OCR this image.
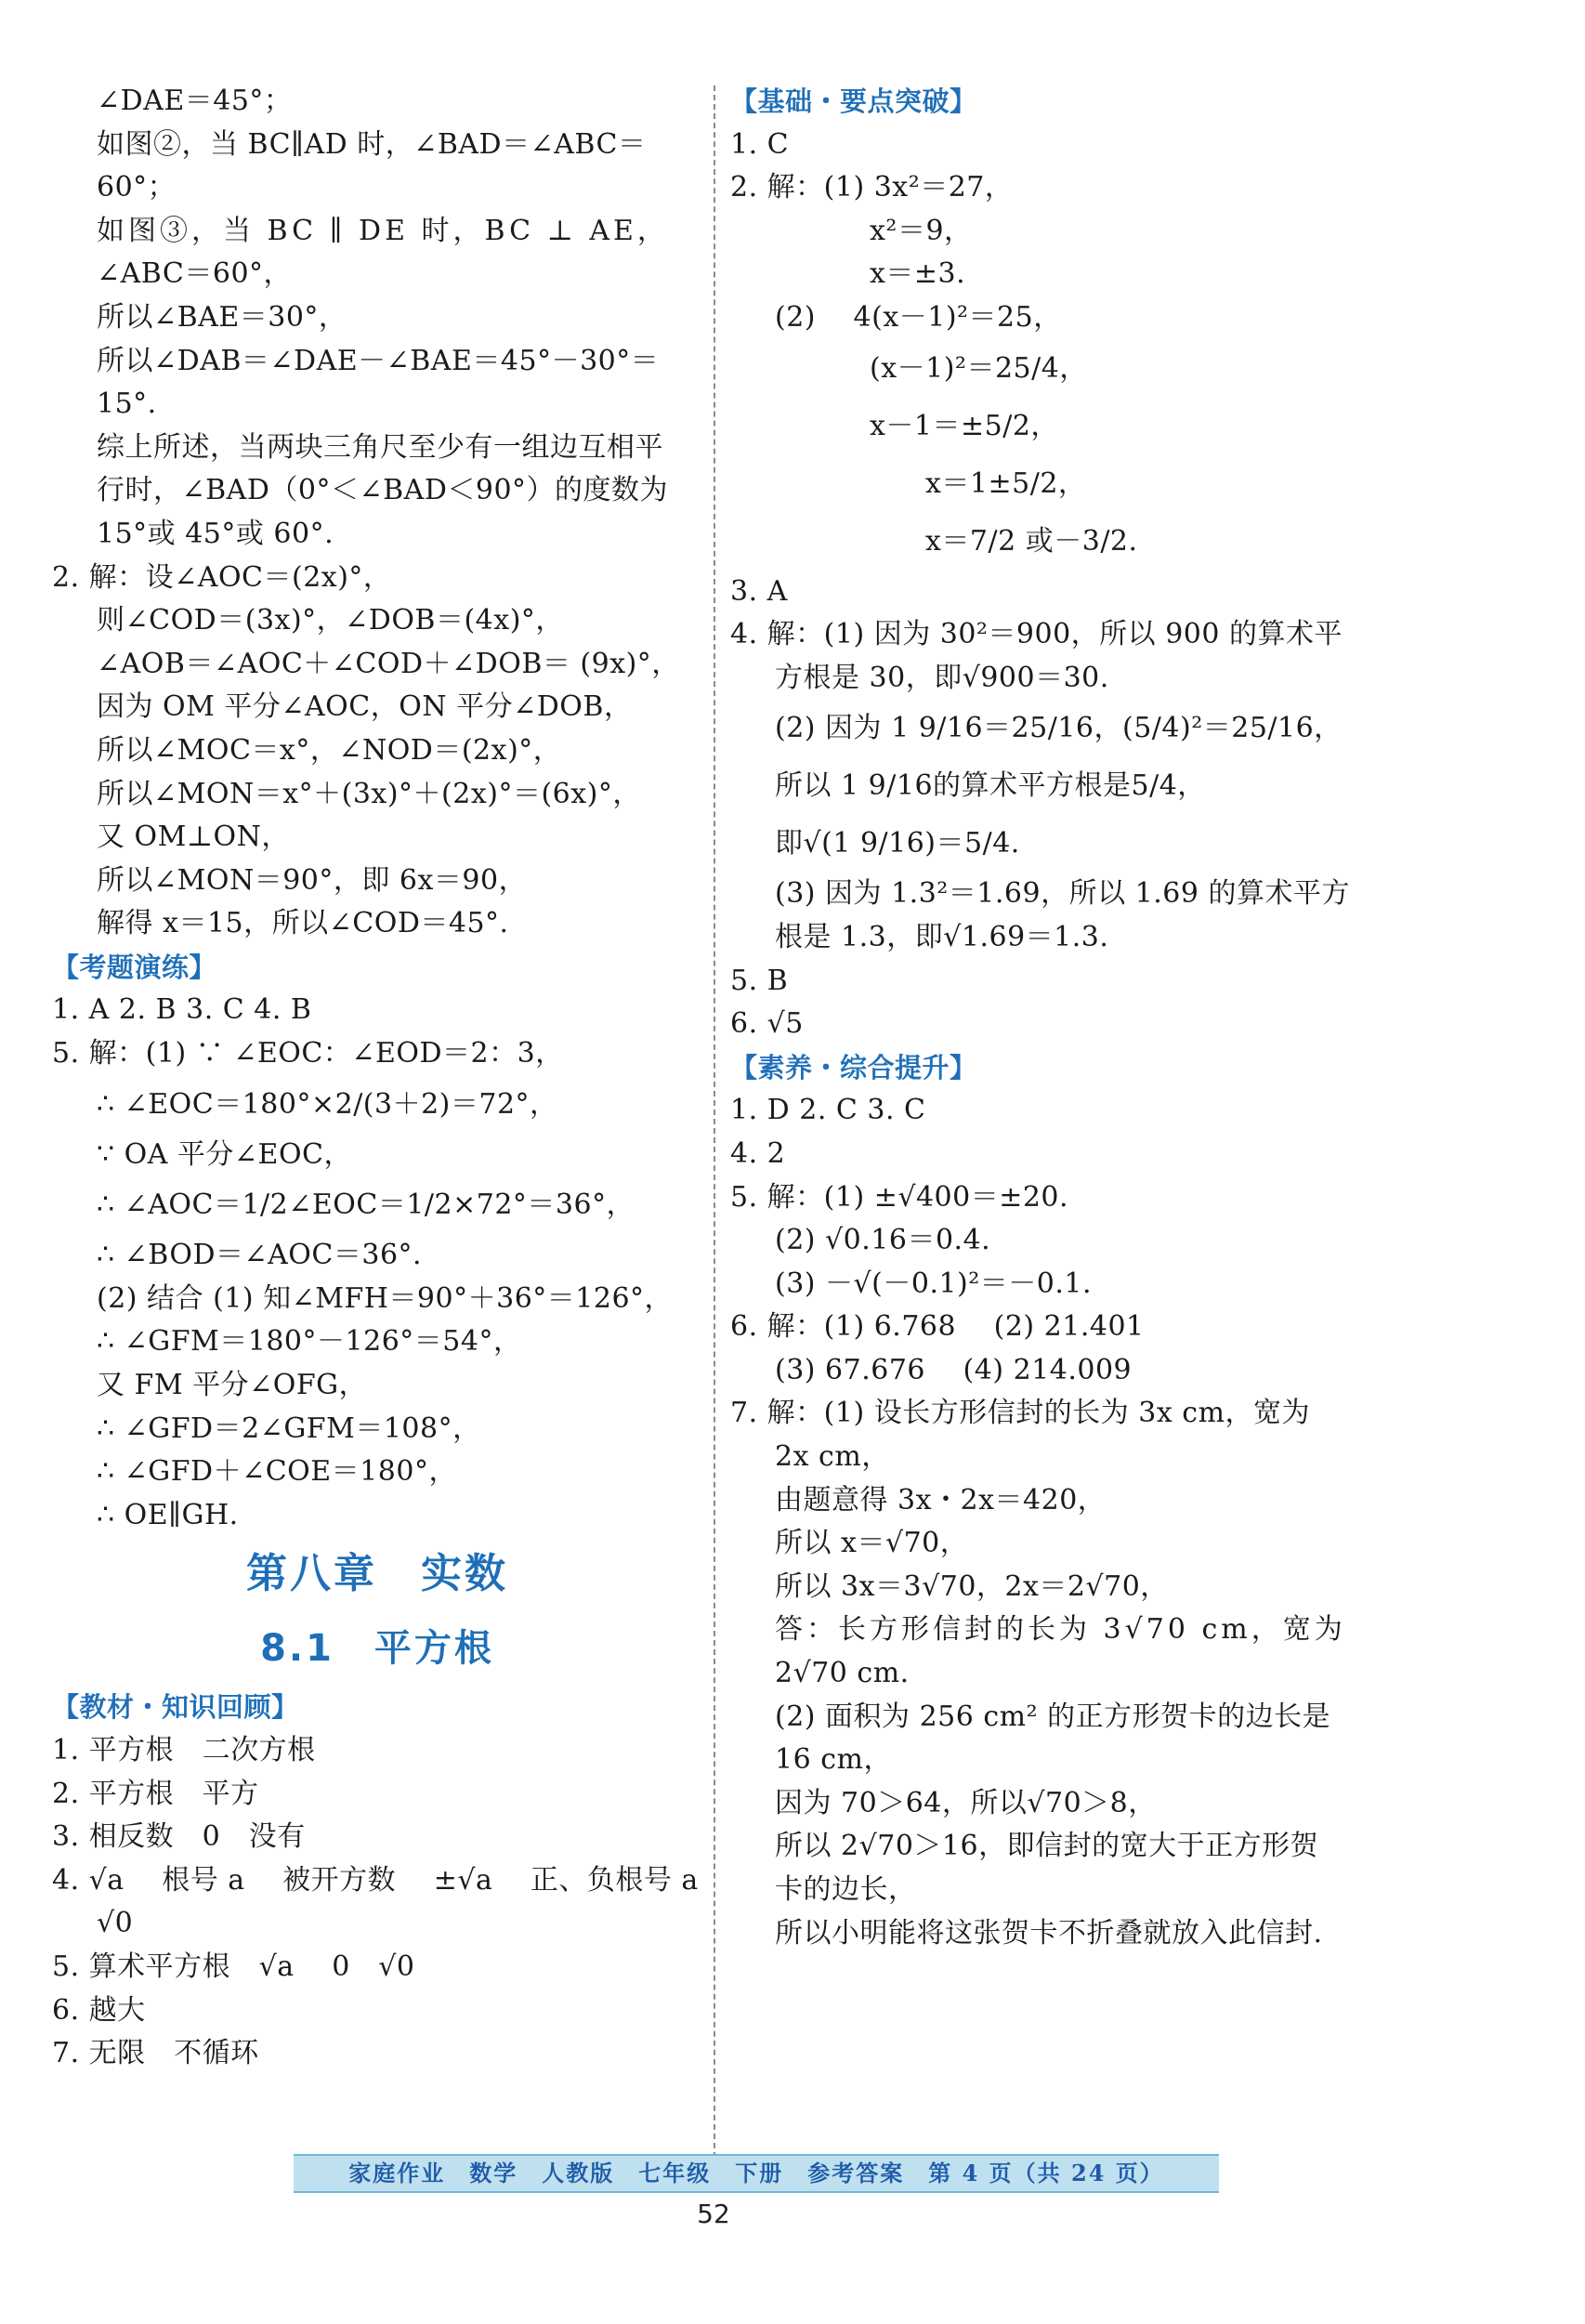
∠DAE＝45°；
如图②，当 BC∥AD 时，∠BAD＝∠ABC＝
60°；
如图③，当 BC ∥ DE 时，BC ⊥ AE，
∠ABC＝60°，
所以∠BAE＝30°，
所以∠DAB＝∠DAE－∠BAE＝45°－30°＝
15°.
综上所述，当两块三角尺至少有一组边互相平
行时，∠BAD（0°＜∠BAD＜90°）的度数为
15°或 45°或 60°.
2. 解：设∠AOC＝(2x)°，
则∠COD＝(3x)°，∠DOB＝(4x)°，
∠AOB＝∠AOC＋∠COD＋∠DOB＝ (9x)°，
因为 OM 平分∠AOC，ON 平分∠DOB，
所以∠MOC＝x°，∠NOD＝(2x)°，
所以∠MON＝x°＋(3x)°＋(2x)°＝(6x)°，
又 OM⊥ON，
所以∠MON＝90°，即 6x＝90，
解得 x＝15，所以∠COD＝45°.
【考题演练】
1. A 2. B 3. C 4. B
5. 解：(1) ∵ ∠EOC：∠EOD＝2：3，
∴ ∠EOC＝180°×2/(3＋2)＝72°，
∵ OA 平分∠EOC，
∴ ∠AOC＝1/2∠EOC＝1/2×72°＝36°，
∴ ∠BOD＝∠AOC＝36°.
(2) 结合 (1) 知∠MFH＝90°＋36°＝126°，
∴ ∠GFM＝180°－126°＝54°，
又 FM 平分∠OFG，
∴ ∠GFD＝2∠GFM＝108°，
∴ ∠GFD＋∠COE＝180°，
∴ OE∥GH.
第八章　实数
8.1　平方根
【教材・知识回顾】
1. 平方根　二次方根
2. 平方根　平方
3. 相反数　0　没有
4. √a　 根号 a　 被开方数　 ±√a　 正、负根号 a
√0
5. 算术平方根　√a　 0　√0
6. 越大
7. 无限　不循环
【基础・要点突破】
1. C
2. 解：(1) 3x²＝27，
x²＝9，
x＝±3.
(2)　 4(x－1)²＝25，
(x－1)²＝25/4，
x－1＝±5/2，
x＝1±5/2，
x＝7/2 或－3/2.
3. A
4. 解：(1) 因为 30²＝900，所以 900 的算术平
方根是 30，即√900＝30.
(2) 因为 1 9/16＝25/16，(5/4)²＝25/16，
所以 1 9/16的算术平方根是5/4，
即√(1 9/16)＝5/4.
(3) 因为 1.3²＝1.69，所以 1.69 的算术平方
根是 1.3，即√1.69＝1.3.
5. B
6. √5
【素养・综合提升】
1. D 2. C 3. C
4. 2
5. 解：(1) ±√400＝±20.
(2) √0.16＝0.4.
(3) －√(－0.1)²＝－0.1.
6. 解：(1) 6.768　 (2) 21.401
(3) 67.676　 (4) 214.009
7. 解：(1) 设长方形信封的长为 3x cm，宽为
2x cm，
由题意得 3x・2x＝420，
所以 x＝√70，
所以 3x＝3√70，2x＝2√70，
答：长方形信封的长为 3√70 cm，宽为
2√70 cm.
(2) 面积为 256 cm² 的正方形贺卡的边长是
16 cm，
因为 70＞64，所以√70＞8，
所以 2√70＞16，即信封的宽大于正方形贺
卡的边长，
所以小明能将这张贺卡不折叠就放入此信封.
家庭作业　数学　人教版　七年级　下册　参考答案　第 4 页（共 24 页）
52
